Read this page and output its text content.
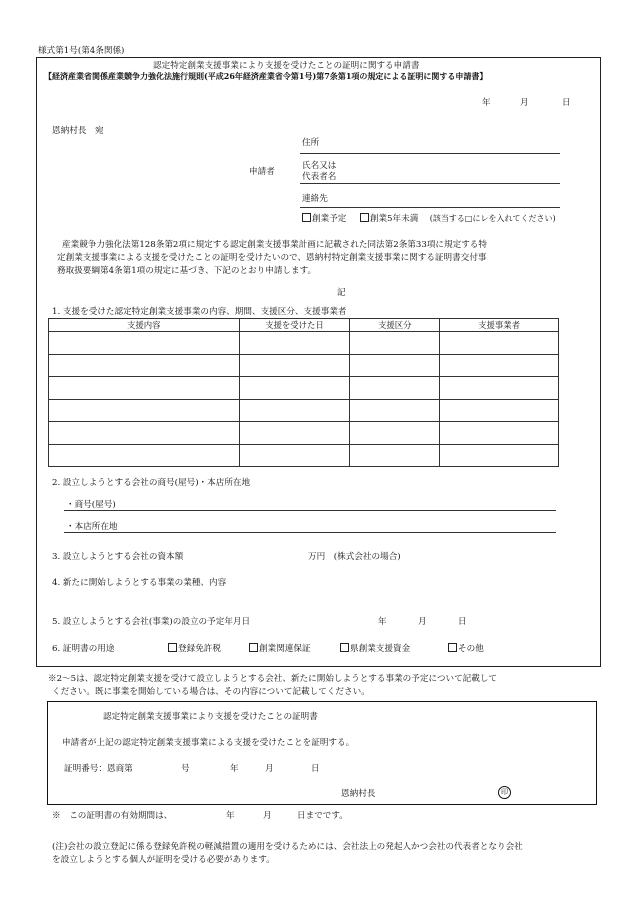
様式第1号(第4条関係)
認定特定創業支援事業により支援を受けたことの証明に関する申請書
【経済産業省関係産業競争力強化法施行規則(平成26年経済産業省令第1号)第7条第1項の規定による証明に関する申請書】
年	月	日
恩納村長　宛
申請者
住所
氏名又は
代表者名
連絡先
創業予定	創業5年未満 (該当する□にレを入れてください)
産業競争力強化法第128条第2項に規定する認定創業支援事業計画に記載された同法第2条第33項に規定する特
定創業支援事業による支援を受けたことの証明を受けたいので、恩納村特定創業支援事業に関する証明書交付事
務取扱要綱第4条第1項の規定に基づき、下記のとおり申請します。
記
1. 支援を受けた認定特定創業支援事業の内容、期間、支援区分、支援事業者
支援内容	支援を受けた日	支援区分	支援事業者

2. 設立しようとする会社の商号(屋号)・本店所在地
・商号(屋号)
・本店所在地
3. 設立しようとする会社の資本額	万円　(株式会社の場合)
4. 新たに開始しようとする事業の業種、内容
5. 設立しようとする会社(事業)の設立の予定年月日	年	月	日
6. 証明書の用途	登録免許税	創業関連保証	県創業支援資金	その他
※2～5は、認定特定創業支援を受けて設立しようとする会社、新たに開始しようとする事業の予定について記載して
ください。既に事業を開始している場合は、その内容について記載してください。
認定特定創業支援事業により支援を受けたことの証明書
申請者が上記の認定特定創業支援事業による支援を受けたことを証明する。
証明番号：恩商第	号	年	月	日
恩納村長	印
※　この証明書の有効期間は、	年	月	日までです。
(注)会社の設立登記に係る登録免許税の軽減措置の適用を受けるためには、会社法上の発起人かつ会社の代表者となり会社
を設立しようとする個人が証明を受ける必要があります。
